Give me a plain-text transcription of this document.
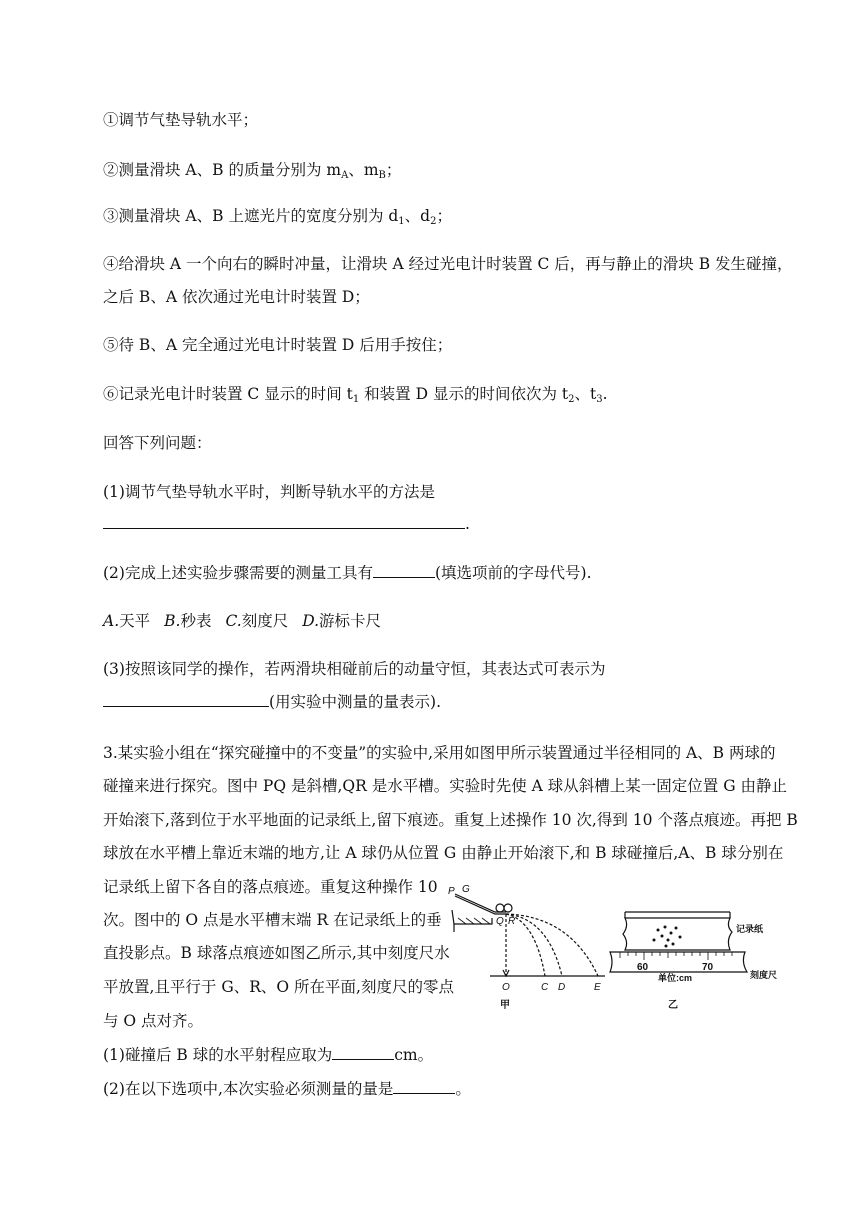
①调节气垫导轨水平；
②测量滑块 A、B 的质量分别为 $m_A$、$m_B$；
③测量滑块 A、B 上遮光片的宽度分别为 $d_1$、$d_2$；
④给滑块 A 一个向右的瞬时冲量，让滑块 A 经过光电计时装置 C 后，再与静止的滑块 B 发生碰撞，
之后 B、A 依次通过光电计时装置 D；
⑤待 B、A 完全通过光电计时装置 D 后用手按住；
⑥记录光电计时装置 C 显示的时间 $t_1$ 和装置 D 显示的时间依次为 $t_2$、$t_3$.
回答下列问题：
(1)调节气垫导轨水平时，判断导轨水平的方法是
.
(2)完成上述实验步骤需要的测量工具有	(填选项前的字母代号).
A.天平 B.秒表 C.刻度尺 D.游标卡尺
(3)按照该同学的操作，若两滑块相碰前后的动量守恒，其表达式可表示为
(用实验中测量的量表示).
3.某实验小组在“探究碰撞中的不变量”的实验中,采用如图甲所示装置通过半径相同的 A、B 两球的
碰撞来进行探究。图中 PQ 是斜槽,QR 是水平槽。实验时先使 A 球从斜槽上某一固定位置 G 由静止
开始滚下,落到位于水平地面的记录纸上,留下痕迹。重复上述操作 10 次,得到 10 个落点痕迹。再把 B
球放在水平槽上靠近末端的地方,让 A 球仍从位置 G 由静止开始滚下,和 B 球碰撞后,A、B 球分别在
记录纸上留下各自的落点痕迹。重复这种操作 10
次。图中的 O 点是水平槽末端 R 在记录纸上的垂
直投影点。B 球落点痕迹如图乙所示,其中刻度尺水
平放置,且平行于 G、R、O 所在平面,刻度尺的零点
与 O 点对齐。
(1)碰撞后 B 球的水平射程应取为	cm。
(2)在以下选项中,本次实验必须测量的量是	。
P G
Q R
O	C D	E
甲
60	70
单位:cm
记录纸
刻度尺
乙
